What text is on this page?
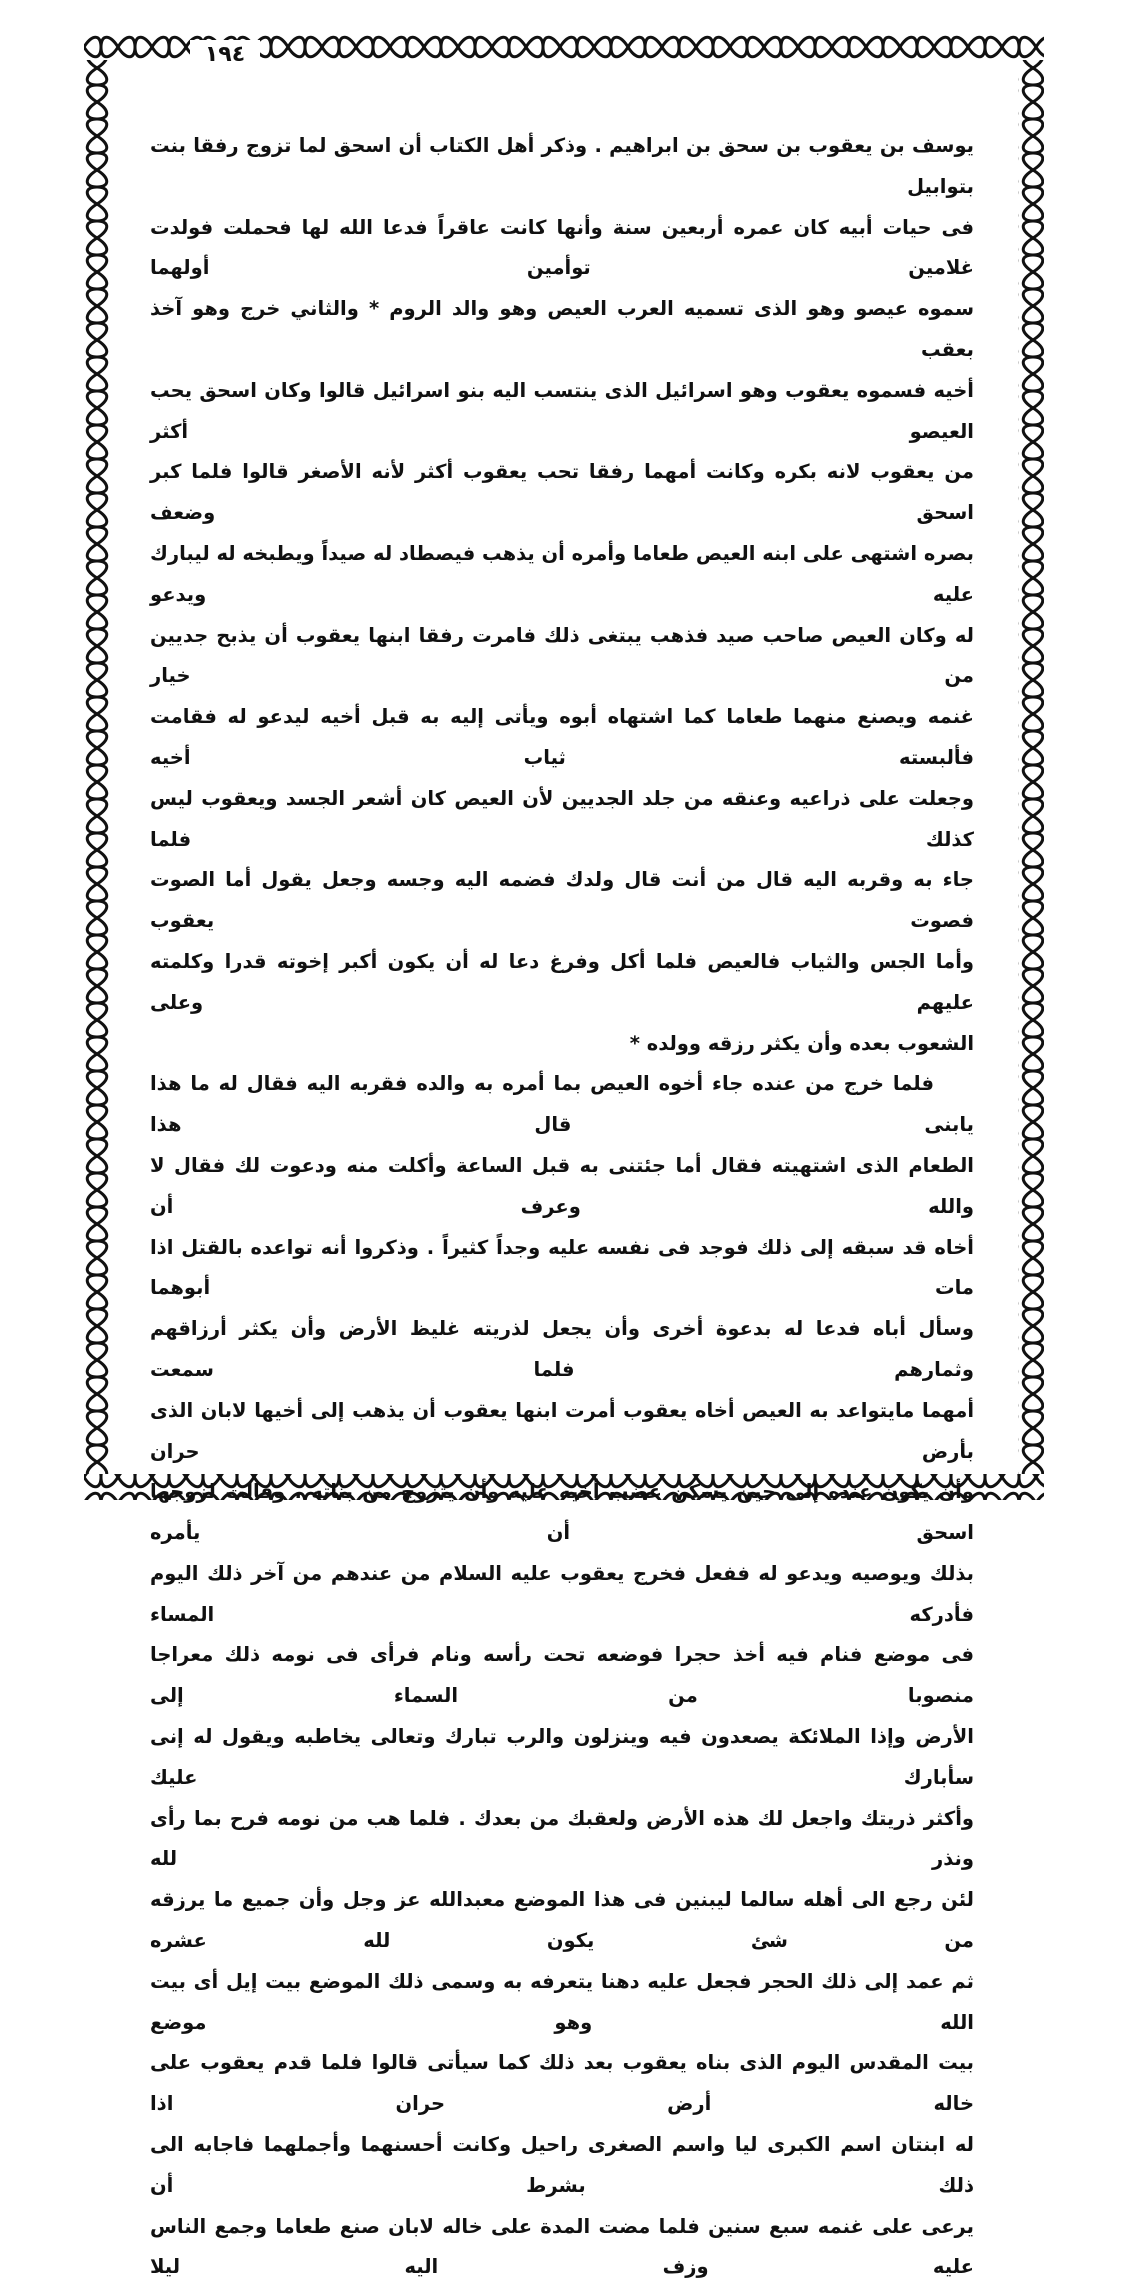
١٩٤

يوسف بن يعقوب بن سحق بن ابراهيم . وذكر أهل الكتاب أن اسحق لما تزوج رفقا بنت بتوابيل

فى حيات أبيه كان عمره أربعين سنة وأنها كانت عاقراً فدعا الله لها فحملت فولدت غلامين توأمين أولهما

سموه عيصو وهو الذى تسميه العرب العيص وهو والد الروم * والثاني خرج وهو آخذ بعقب

أخيه فسموه يعقوب وهو اسرائيل الذى ينتسب اليه بنو اسرائيل قالوا وكان اسحق يحب العيصو أكثر

من يعقوب لانه بكره وكانت أمهما رفقا تحب يعقوب أكثر لأنه الأصغر قالوا فلما كبر اسحق وضعف

بصره اشتهى على ابنه العيص طعاما وأمره أن يذهب فيصطاد له صيداً ويطبخه له ليبارك عليه ويدعو

له وكان العيص صاحب صيد فذهب يبتغى ذلك فامرت رفقا ابنها يعقوب أن يذبح جديين من خيار

غنمه ويصنع منهما طعاما كما اشتهاه أبوه ويأتى إليه به قبل أخيه ليدعو له فقامت فألبسته ثياب أخيه

وجعلت على ذراعيه وعنقه من جلد الجديين لأن العيص كان أشعر الجسد ويعقوب ليس كذلك فلما

جاء به وقربه اليه قال من أنت قال ولدك فضمه اليه وجسه وجعل يقول أما الصوت فصوت يعقوب

وأما الجس والثياب فالعيص فلما أكل وفرغ دعا له أن يكون أكبر إخوته قدرا وكلمته عليهم وعلى

الشعوب بعده وأن يكثر رزقه وولده *

فلما خرج من عنده جاء أخوه العيص بما أمره به والده فقربه اليه فقال له ما هذا يابنى قال هذا

الطعام الذى اشتهيته فقال أما جئتنى به قبل الساعة وأكلت منه ودعوت لك فقال لا والله وعرف أن

أخاه قد سبقه إلى ذلك فوجد فى نفسه عليه وجداً كثيراً . وذكروا أنه تواعده بالقتل اذا مات أبوهما

وسأل أباه فدعا له بدعوة أخرى وأن يجعل لذريته غليظ الأرض وأن يكثر أرزاقهم وثمارهم فلما سمعت

أمهما مايتواعد به العيص أخاه يعقوب أمرت ابنها يعقوب أن يذهب إلى أخيها لابان الذى بأرض حران

وأن يكون عنده إلى حين يسكن غضب أخيه عليه وأن يتزوج من بناته . وقالت لزوجها اسحق أن يأمره

بذلك ويوصيه ويدعو له ففعل فخرج يعقوب عليه السلام من عندهم من آخر ذلك اليوم فأدركه المساء

فى موضع فنام فيه أخذ حجرا فوضعه تحت رأسه ونام فرأى فى نومه ذلك معراجا منصوبا من السماء إلى

الأرض وإذا الملائكة يصعدون فيه وينزلون والرب تبارك وتعالى يخاطبه ويقول له إنى سأبارك عليك

وأكثر ذريتك واجعل لك هذه الأرض ولعقبك من بعدك . فلما هب من نومه فرح بما رأى ونذر لله

لئن رجع الى أهله سالما ليبنين فى هذا الموضع معبدالله عز وجل وأن جميع ما يرزقه من شئ يكون لله عشره

ثم عمد إلى ذلك الحجر فجعل عليه دهنا يتعرفه به وسمى ذلك الموضع بيت إيل أى بيت الله وهو موضع

بيت المقدس اليوم الذى بناه يعقوب بعد ذلك كما سيأتى قالوا فلما قدم يعقوب على خاله أرض حران اذا

له ابنتان اسم الكبرى ليا واسم الصغرى راحيل وكانت أحسنهما وأجملهما فاجابه الى ذلك بشرط أن

يرعى على غنمه سبع سنين فلما مضت المدة على خاله لابان صنع طعاما وجمع الناس عليه وزف اليه ليلا
